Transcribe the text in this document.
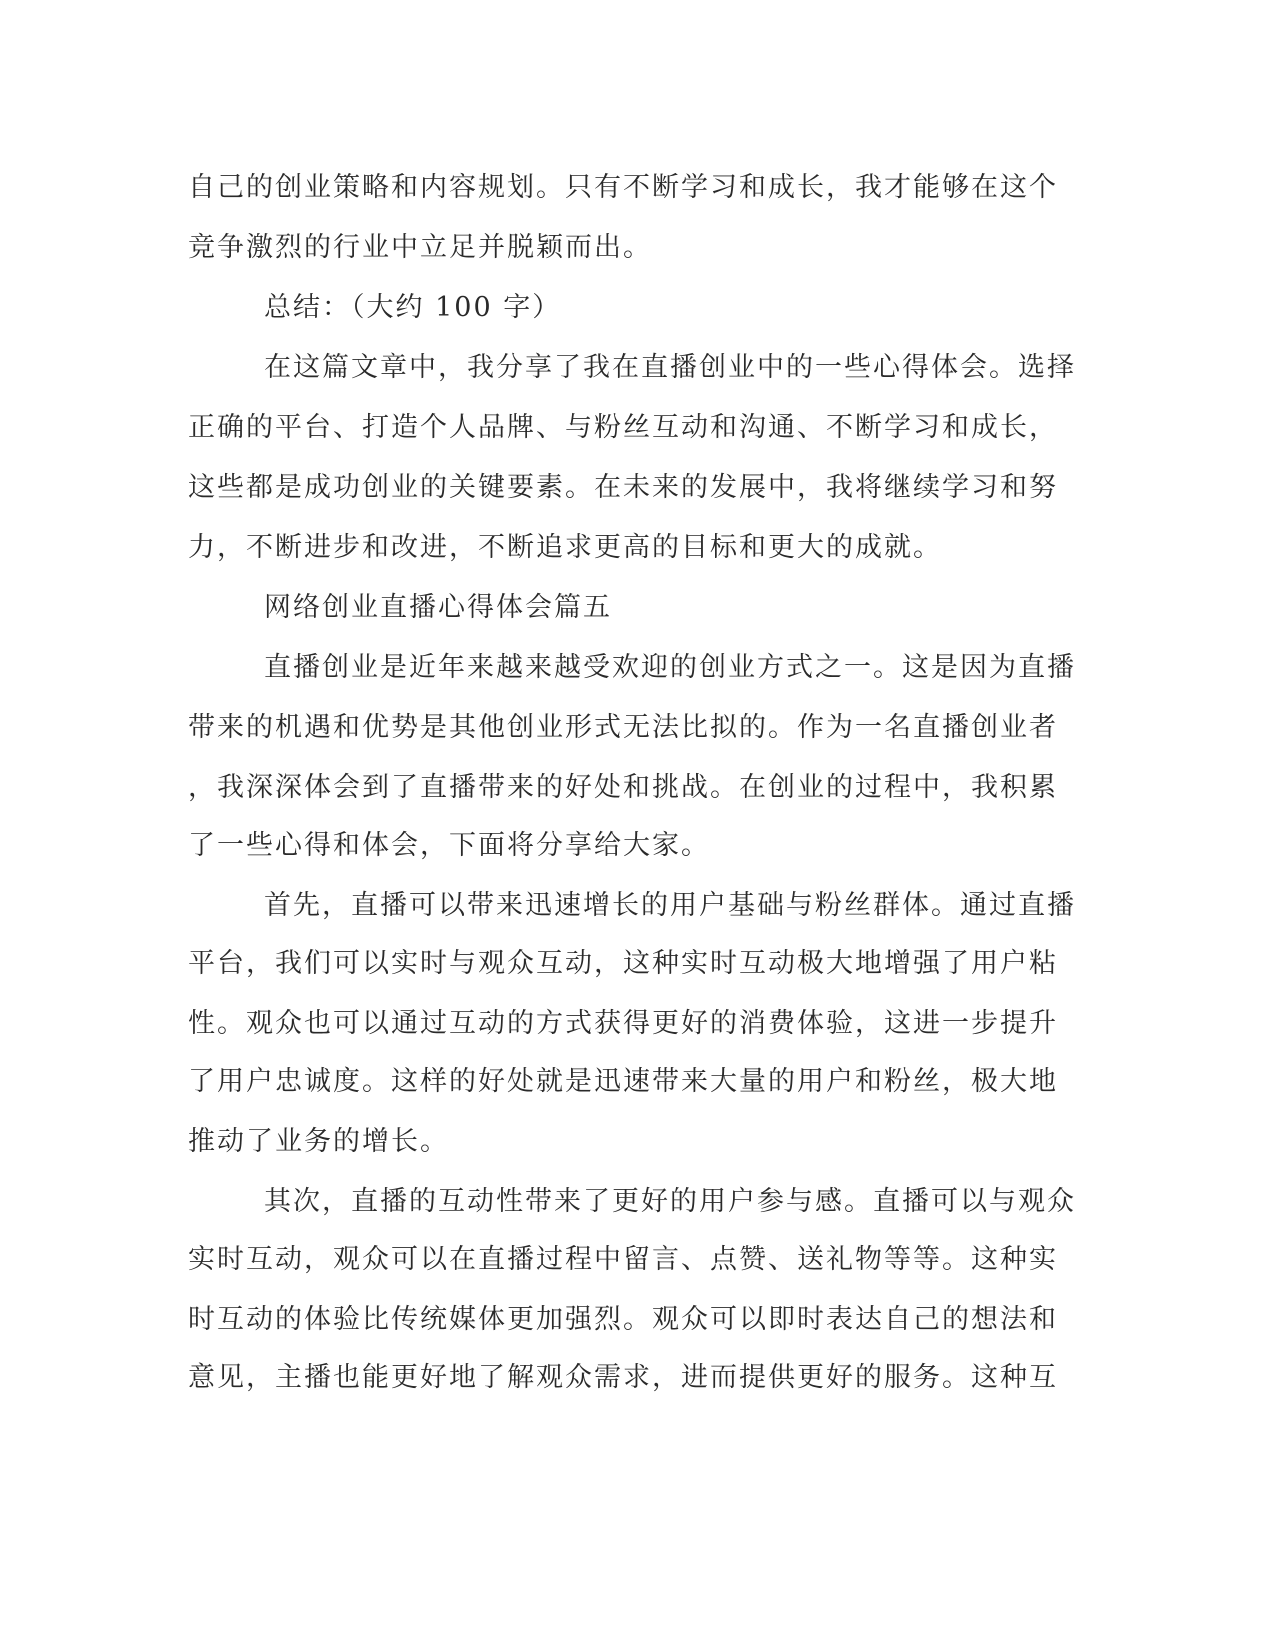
自己的创业策略和内容规划。只有不断学习和成长，我才能够在这个

竞争激烈的行业中立足并脱颖而出。

总结：（大约 100 字）

在这篇文章中，我分享了我在直播创业中的一些心得体会。选择

正确的平台、打造个人品牌、与粉丝互动和沟通、不断学习和成长，

这些都是成功创业的关键要素。在未来的发展中，我将继续学习和努

力，不断进步和改进，不断追求更高的目标和更大的成就。

网络创业直播心得体会篇五

直播创业是近年来越来越受欢迎的创业方式之一。这是因为直播

带来的机遇和优势是其他创业形式无法比拟的。作为一名直播创业者

，我深深体会到了直播带来的好处和挑战。在创业的过程中，我积累

了一些心得和体会，下面将分享给大家。

首先，直播可以带来迅速增长的用户基础与粉丝群体。通过直播

平台，我们可以实时与观众互动，这种实时互动极大地增强了用户粘

性。观众也可以通过互动的方式获得更好的消费体验，这进一步提升

了用户忠诚度。这样的好处就是迅速带来大量的用户和粉丝，极大地

推动了业务的增长。

其次，直播的互动性带来了更好的用户参与感。直播可以与观众

实时互动，观众可以在直播过程中留言、点赞、送礼物等等。这种实

时互动的体验比传统媒体更加强烈。观众可以即时表达自己的想法和

意见，主播也能更好地了解观众需求，进而提供更好的服务。这种互
